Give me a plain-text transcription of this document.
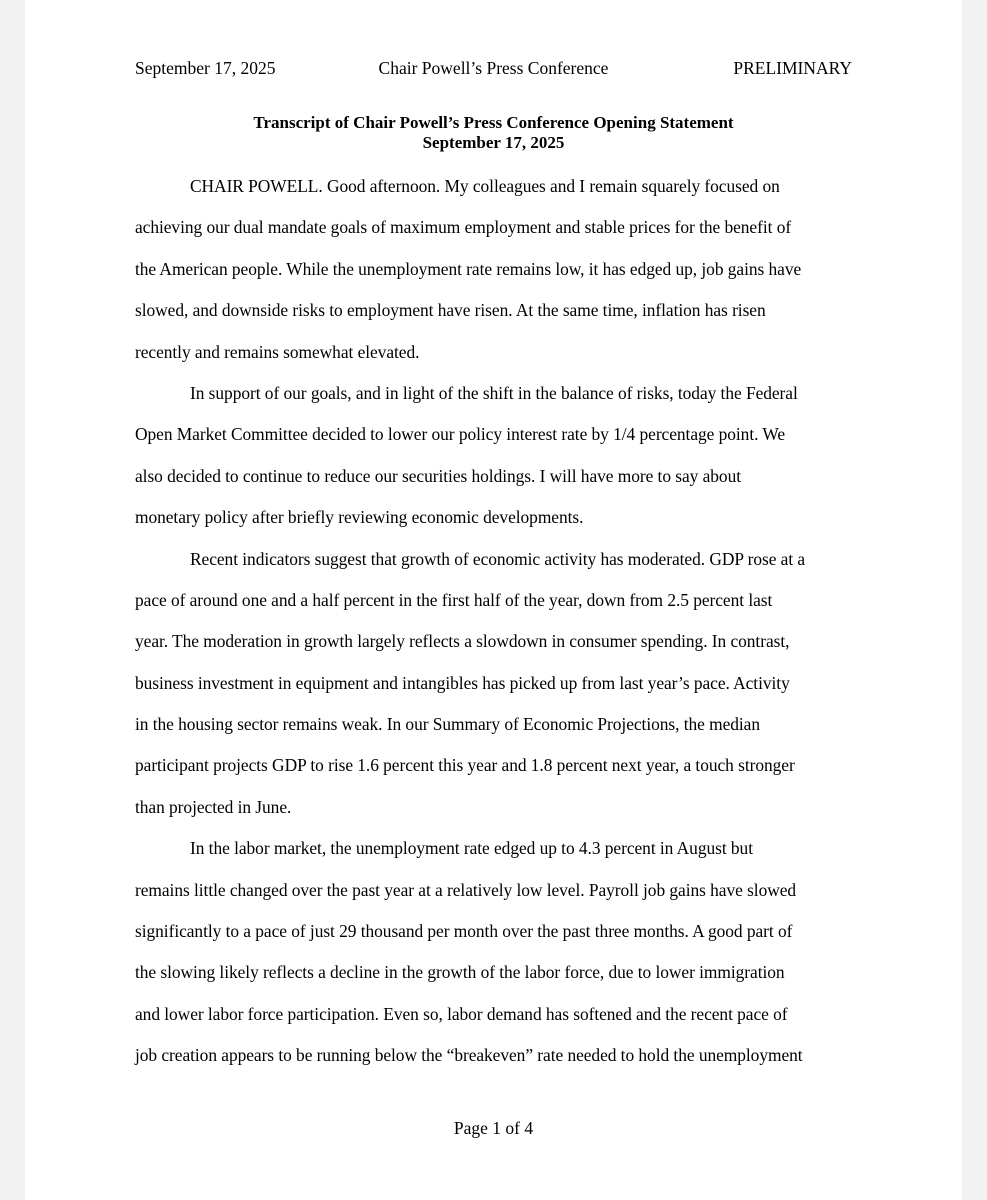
September 17, 2025	Chair Powell’s Press Conference	PRELIMINARY
Transcript of Chair Powell’s Press Conference Opening Statement
September 17, 2025
CHAIR POWELL. Good afternoon. My colleagues and I remain squarely focused on
achieving our dual mandate goals of maximum employment and stable prices for the benefit of
the American people. While the unemployment rate remains low, it has edged up, job gains have
slowed, and downside risks to employment have risen. At the same time, inflation has risen
recently and remains somewhat elevated.
In support of our goals, and in light of the shift in the balance of risks, today the Federal
Open Market Committee decided to lower our policy interest rate by 1/4 percentage point. We
also decided to continue to reduce our securities holdings. I will have more to say about
monetary policy after briefly reviewing economic developments.
Recent indicators suggest that growth of economic activity has moderated. GDP rose at a
pace of around one and a half percent in the first half of the year, down from 2.5 percent last
year. The moderation in growth largely reflects a slowdown in consumer spending. In contrast,
business investment in equipment and intangibles has picked up from last year’s pace. Activity
in the housing sector remains weak. In our Summary of Economic Projections, the median
participant projects GDP to rise 1.6 percent this year and 1.8 percent next year, a touch stronger
than projected in June.
In the labor market, the unemployment rate edged up to 4.3 percent in August but
remains little changed over the past year at a relatively low level. Payroll job gains have slowed
significantly to a pace of just 29 thousand per month over the past three months. A good part of
the slowing likely reflects a decline in the growth of the labor force, due to lower immigration
and lower labor force participation. Even so, labor demand has softened and the recent pace of
job creation appears to be running below the “breakeven” rate needed to hold the unemployment
Page 1 of 4
